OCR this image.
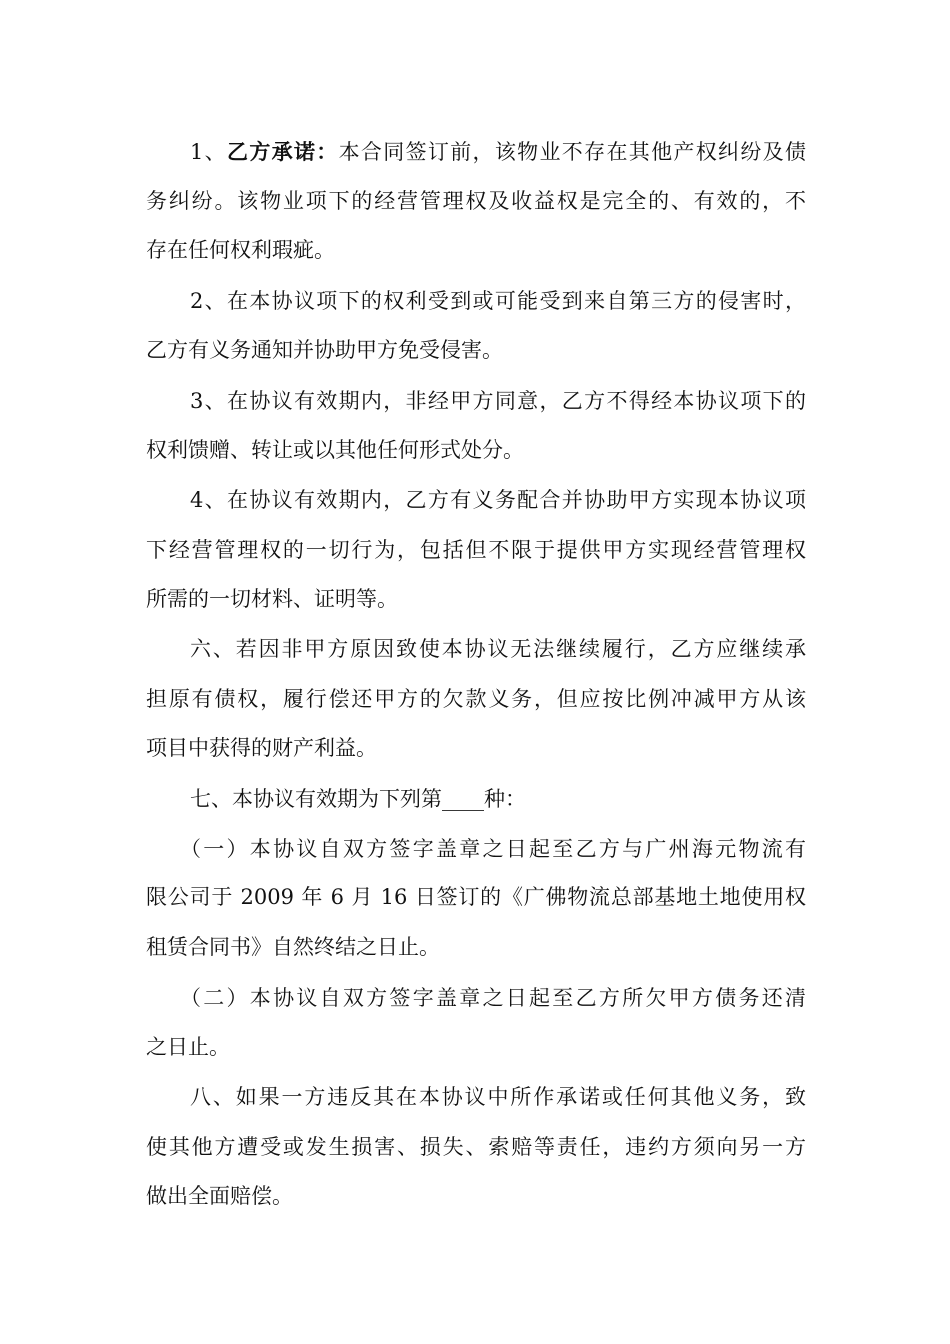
1、乙方承诺：本合同签订前，该物业不存在其他产权纠纷及债
务纠纷。该物业项下的经营管理权及收益权是完全的、有效的，不
存在任何权利瑕疵。
2、在本协议项下的权利受到或可能受到来自第三方的侵害时，
乙方有义务通知并协助甲方免受侵害。
3、在协议有效期内，非经甲方同意，乙方不得经本协议项下的
权利馈赠、转让或以其他任何形式处分。
4、在协议有效期内，乙方有义务配合并协助甲方实现本协议项
下经营管理权的一切行为，包括但不限于提供甲方实现经营管理权
所需的一切材料、证明等。
六、若因非甲方原因致使本协议无法继续履行，乙方应继续承
担原有债权，履行偿还甲方的欠款义务，但应按比例冲减甲方从该
项目中获得的财产利益。
七、本协议有效期为下列第____种：
（一）本协议自双方签字盖章之日起至乙方与广州海元物流有
限公司于 2009 年 6 月 16 日签订的《广佛物流总部基地土地使用权
租赁合同书》自然终结之日止。
（二）本协议自双方签字盖章之日起至乙方所欠甲方债务还清
之日止。
八、如果一方违反其在本协议中所作承诺或任何其他义务，致
使其他方遭受或发生损害、损失、索赔等责任，违约方须向另一方
做出全面赔偿。
